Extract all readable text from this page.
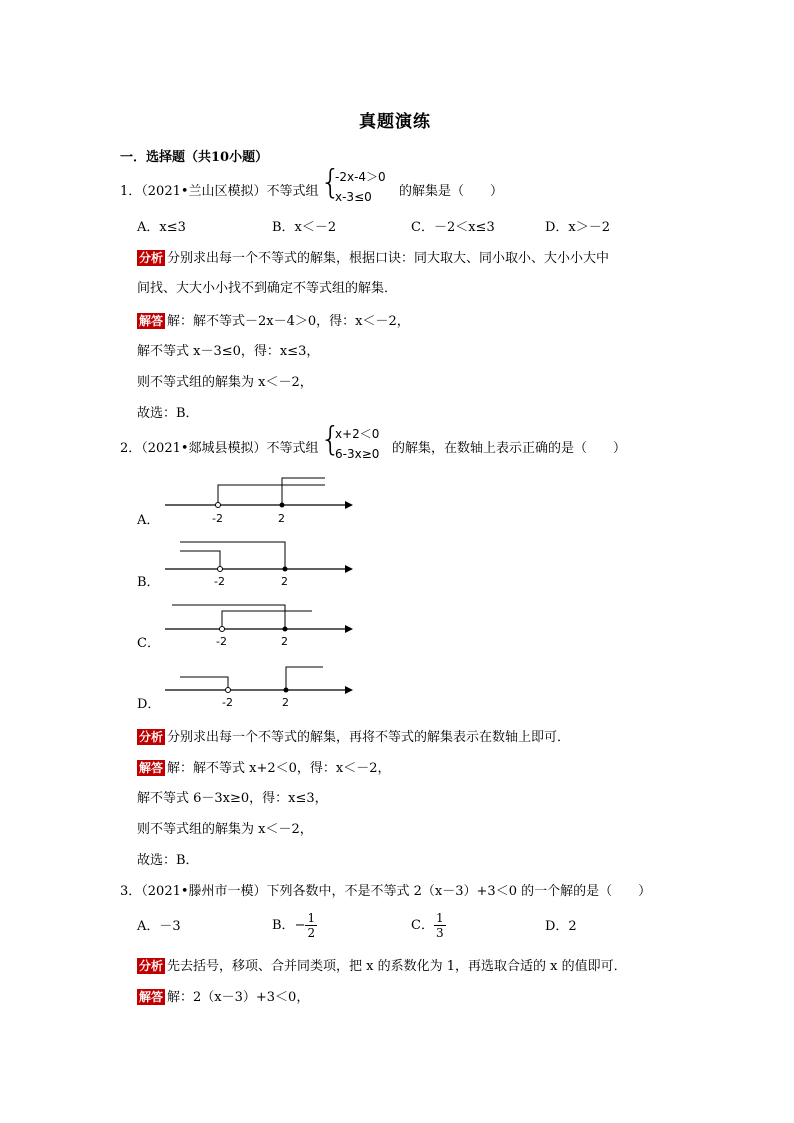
真题演练
一．选择题（共10小题）
1．（2021•兰山区模拟）不等式组 {
-2x-4＞0
x-3≤0	的解集是（　　）
A．x≤3	B．x＜－2	C．－2＜x≤3	D．x＞－2
分析 分别求出每一个不等式的解集，根据口诀：同大取大、同小取小、大小小大中
间找、大大小小找不到确定不等式组的解集．
解答 解：解不等式－2x－4＞0，得：x＜－2，
解不等式 x－3≤0，得：x≤3，
则不等式组的解集为 x＜－2，
故选：B．
2．（2021•郯城县模拟）不等式组 {
x+2＜0
6-3x≥0 的解集，在数轴上表示正确的是（　　）
A．	-2	2
B．	-2	2
C．	-2	2
D．	-2	2
分析 分别求出每一个不等式的解集，再将不等式的解集表示在数轴上即可．
解答 解：解不等式 x+2＜0，得：x＜－2，
解不等式 6－3x≥0，得：x≤3，
则不等式组的解集为 x＜－2，
故选：B．
3．（2021•滕州市一模）下列各数中，不是不等式 2（x－3）+3＜0 的一个解的是（　　）
A．－3	B．− $\frac{1}{2}$	C． $\frac{1}{3}$	D．2
分析 先去括号，移项、合并同类项，把 x 的系数化为 1，再选取合适的 x 的值即可．
解答 解：2（x－3）+3＜0，
